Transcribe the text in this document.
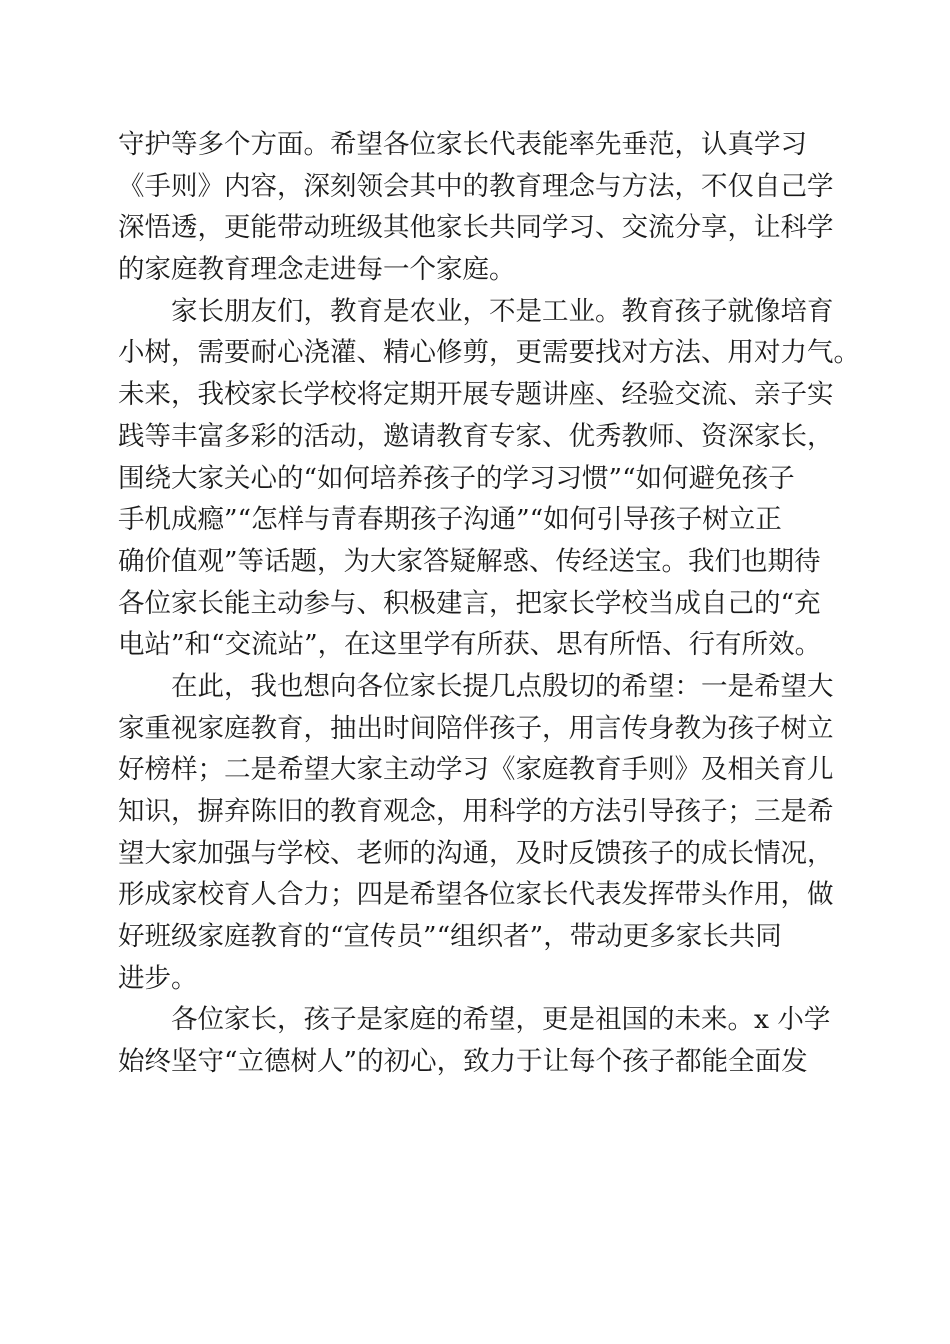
守护等多个方面。希望各位家长代表能率先垂范，认真学习
《手则》内容，深刻领会其中的教育理念与方法，不仅自己学
深悟透，更能带动班级其他家长共同学习、交流分享，让科学
的家庭教育理念走进每一个家庭。
家长朋友们，教育是农业，不是工业。教育孩子就像培育
小树，需要耐心浇灌、精心修剪，更需要找对方法、用对力气。
未来，我校家长学校将定期开展专题讲座、经验交流、亲子实
践等丰富多彩的活动，邀请教育专家、优秀教师、资深家长，
围绕大家关心的“如何培养孩子的学习习惯”“如何避免孩子
手机成瘾”“怎样与青春期孩子沟通”“如何引导孩子树立正
确价值观”等话题，为大家答疑解惑、传经送宝。我们也期待
各位家长能主动参与、积极建言，把家长学校当成自己的“充
电站”和“交流站”，在这里学有所获、思有所悟、行有所效。
在此，我也想向各位家长提几点殷切的希望：一是希望大
家重视家庭教育，抽出时间陪伴孩子，用言传身教为孩子树立
好榜样；二是希望大家主动学习《家庭教育手则》及相关育儿
知识，摒弃陈旧的教育观念，用科学的方法引导孩子；三是希
望大家加强与学校、老师的沟通，及时反馈孩子的成长情况，
形成家校育人合力；四是希望各位家长代表发挥带头作用，做
好班级家庭教育的“宣传员”“组织者”，带动更多家长共同
进步。
各位家长，孩子是家庭的希望，更是祖国的未来。x 小学
始终坚守“立德树人”的初心，致力于让每个孩子都能全面发
